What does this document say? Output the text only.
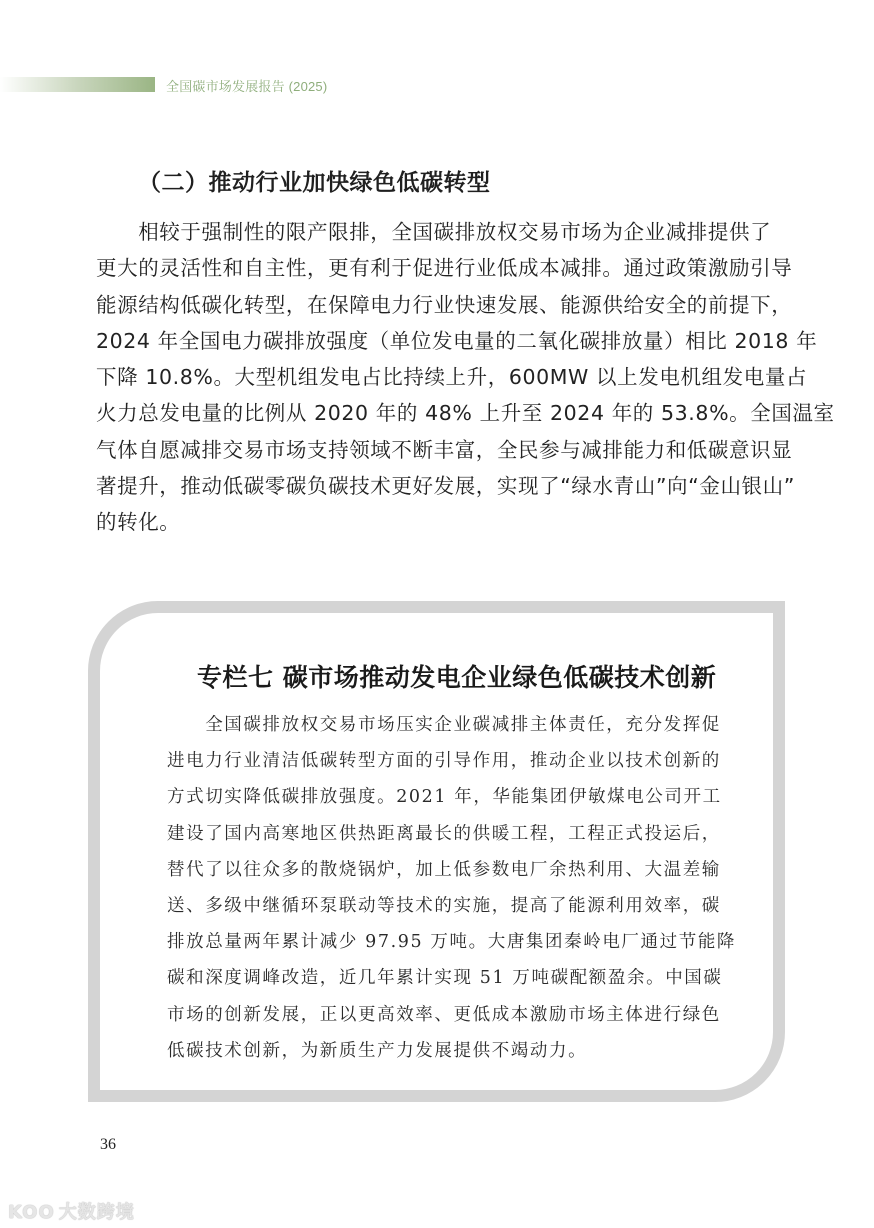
全国碳市场发展报告 (2025)
（二）推动行业加快绿色低碳转型
　　相较于强制性的限产限排，全国碳排放权交易市场为企业减排提供了
更大的灵活性和自主性，更有利于促进行业低成本减排。通过政策激励引导
能源结构低碳化转型，在保障电力行业快速发展、能源供给安全的前提下，
2024 年全国电力碳排放强度（单位发电量的二氧化碳排放量）相比 2018 年
下降 10.8%。大型机组发电占比持续上升，600MW 以上发电机组发电量占
火力总发电量的比例从 2020 年的 48% 上升至 2024 年的 53.8%。全国温室
气体自愿减排交易市场支持领域不断丰富，全民参与减排能力和低碳意识显
著提升，推动低碳零碳负碳技术更好发展，实现了“绿水青山”向“金山银山”
的转化。
专栏七 碳市场推动发电企业绿色低碳技术创新
　　全国碳排放权交易市场压实企业碳减排主体责任，充分发挥促
进电力行业清洁低碳转型方面的引导作用，推动企业以技术创新的
方式切实降低碳排放强度。2021 年，华能集团伊敏煤电公司开工
建设了国内高寒地区供热距离最长的供暖工程，工程正式投运后，
替代了以往众多的散烧锅炉，加上低参数电厂余热利用、大温差输
送、多级中继循环泵联动等技术的实施，提高了能源利用效率，碳
排放总量两年累计减少 97.95 万吨。大唐集团秦岭电厂通过节能降
碳和深度调峰改造，近几年累计实现 51 万吨碳配额盈余。中国碳
市场的创新发展，正以更高效率、更低成本激励市场主体进行绿色
低碳技术创新，为新质生产力发展提供不竭动力。
36
KOO 大数跨境
